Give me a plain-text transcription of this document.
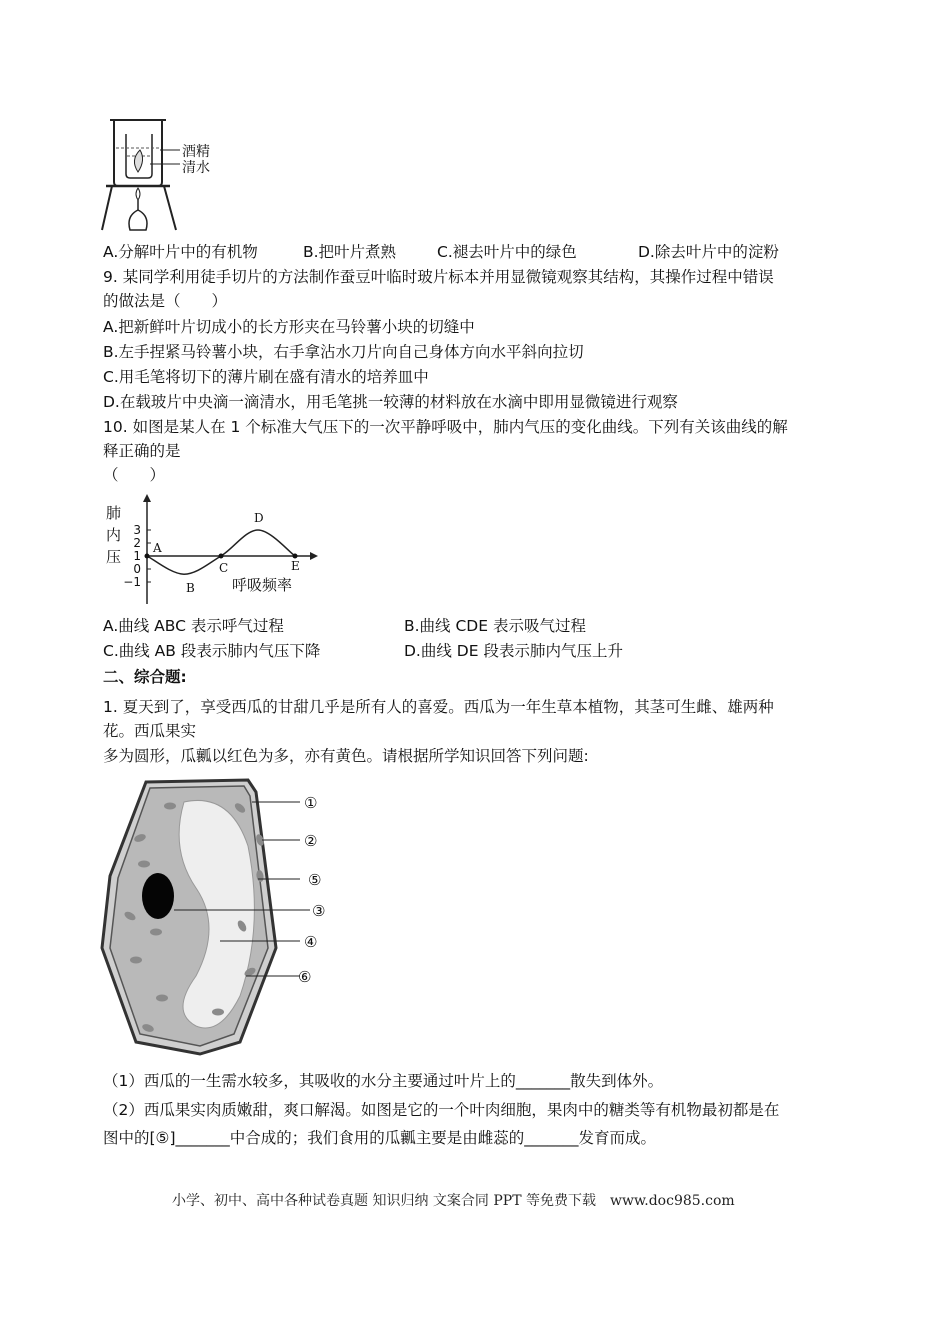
酒精
清水
A.分解叶片中的有机物	B.把叶片煮熟	C.褪去叶片中的绿色	D.除去叶片中的淀粉
9. 某同学利用徒手切片的方法制作蚕豆叶临时玻片标本并用显微镜观察其结构，其操作过程中错误
的做法是（　　）
A.把新鲜叶片切成小的长方形夹在马铃薯小块的切缝中
B.左手捏紧马铃薯小块，右手拿沾水刀片向自己身体方向水平斜向拉切
C.用毛笔将切下的薄片刷在盛有清水的培养皿中
D.在载玻片中央滴一滴清水，用毛笔挑一较薄的材料放在水滴中即用显微镜进行观察
10. 如图是某人在 1 个标准大气压下的一次平静呼吸中，肺内气压的变化曲线。下列有关该曲线的解
释正确的是
（　　）
肺内压
3
2
1
0
−1
A
B
C
D
E
呼吸频率
A.曲线 ABC 表示呼气过程	B.曲线 CDE 表示吸气过程
C.曲线 AB 段表示肺内气压下降	D.曲线 DE 段表示肺内气压上升
二、综合题:
1. 夏天到了，享受西瓜的甘甜几乎是所有人的喜爱。西瓜为一年生草本植物，其茎可生雌、雄两种
花。西瓜果实
多为圆形，瓜瓤以红色为多，亦有黄色。请根据所学知识回答下列问题:
①
②
⑤
③
④
⑥
（1）西瓜的一生需水较多，其吸收的水分主要通过叶片上的_______散失到体外。
（2）西瓜果实肉质嫩甜，爽口解渴。如图是它的一个叶肉细胞，果肉中的糖类等有机物最初都是在
图中的[⑤]_______中合成的；我们食用的瓜瓤主要是由雌蕊的_______发育而成。
小学、初中、高中各种试卷真题 知识归纳 文案合同 PPT 等免费下载　www.doc985.com
